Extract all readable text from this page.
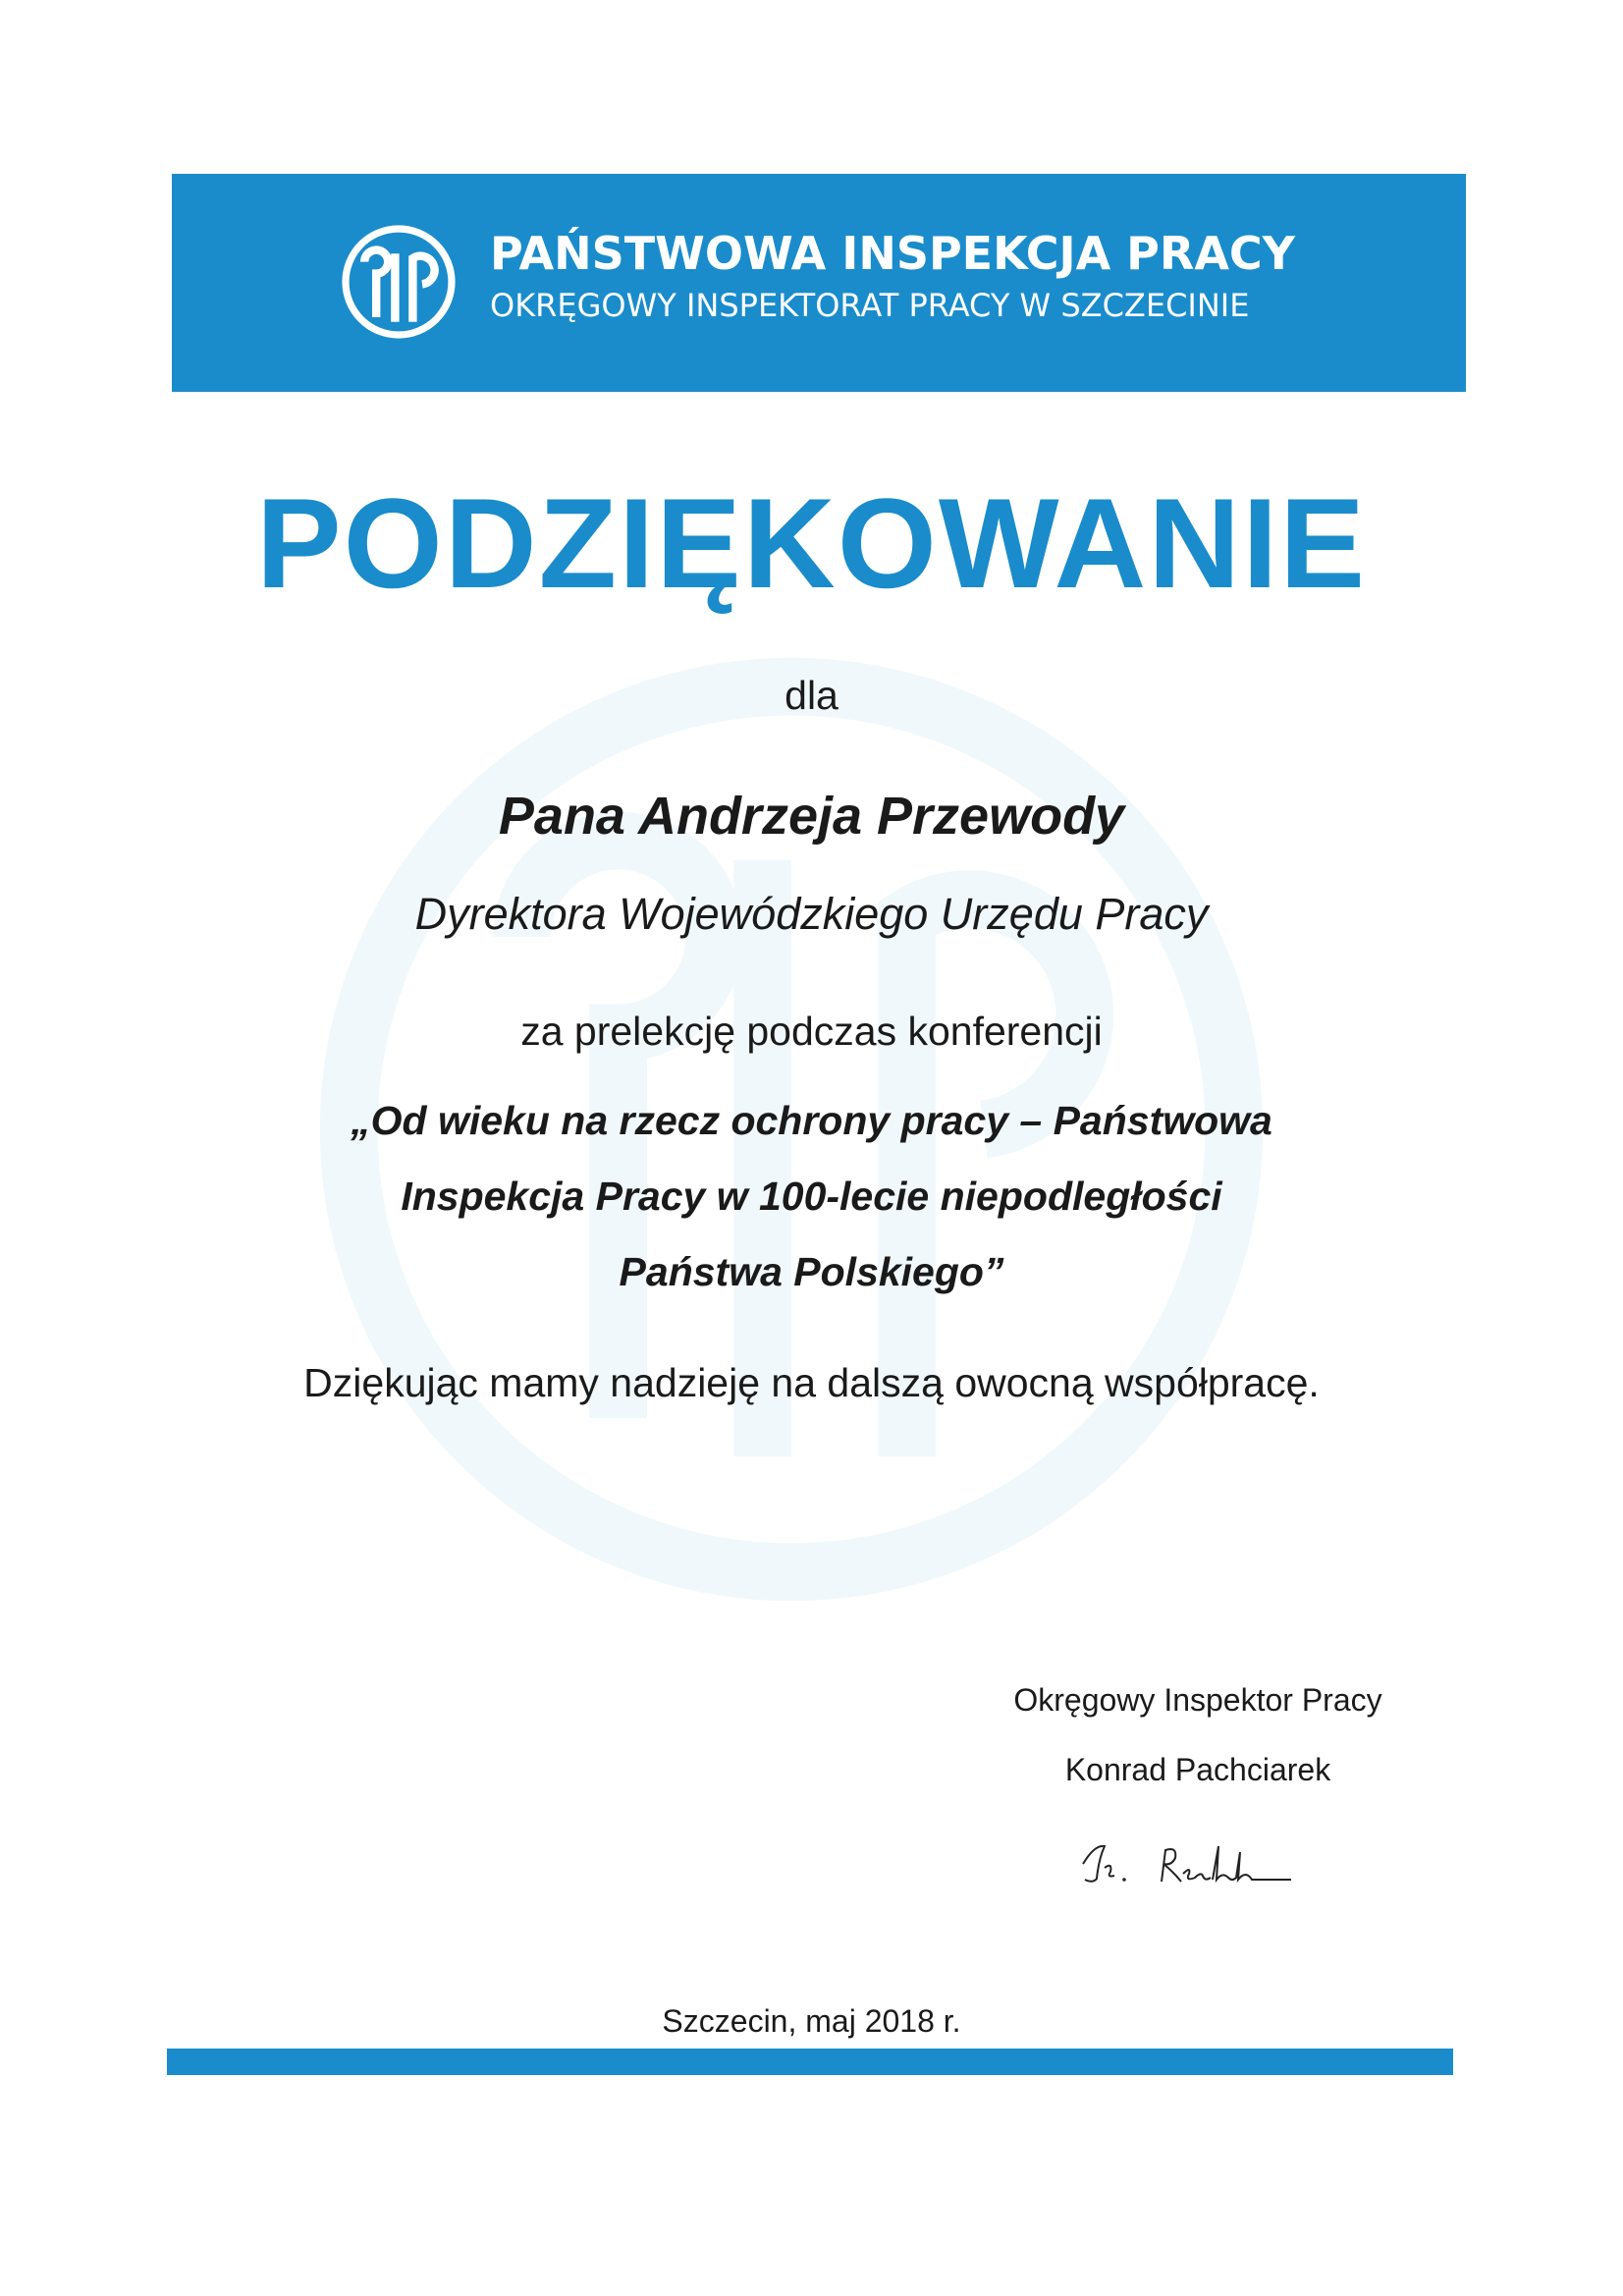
PAŃSTWOWA INSPEKCJA PRACY
OKRĘGOWY INSPEKTORAT PRACY W SZCZECINIE
PODZIĘKOWANIE
dla
Pana Andrzeja Przewody
Dyrektora Wojewódzkiego Urzędu Pracy
za prelekcję podczas konferencji
„Od wieku na rzecz ochrony pracy – Państwowa
Inspekcja Pracy w 100-lecie niepodległości
Państwa Polskiego”
Dziękując mamy nadzieję na dalszą owocną współpracę.
Okręgowy Inspektor Pracy
Konrad Pachciarek
Szczecin, maj 2018 r.
